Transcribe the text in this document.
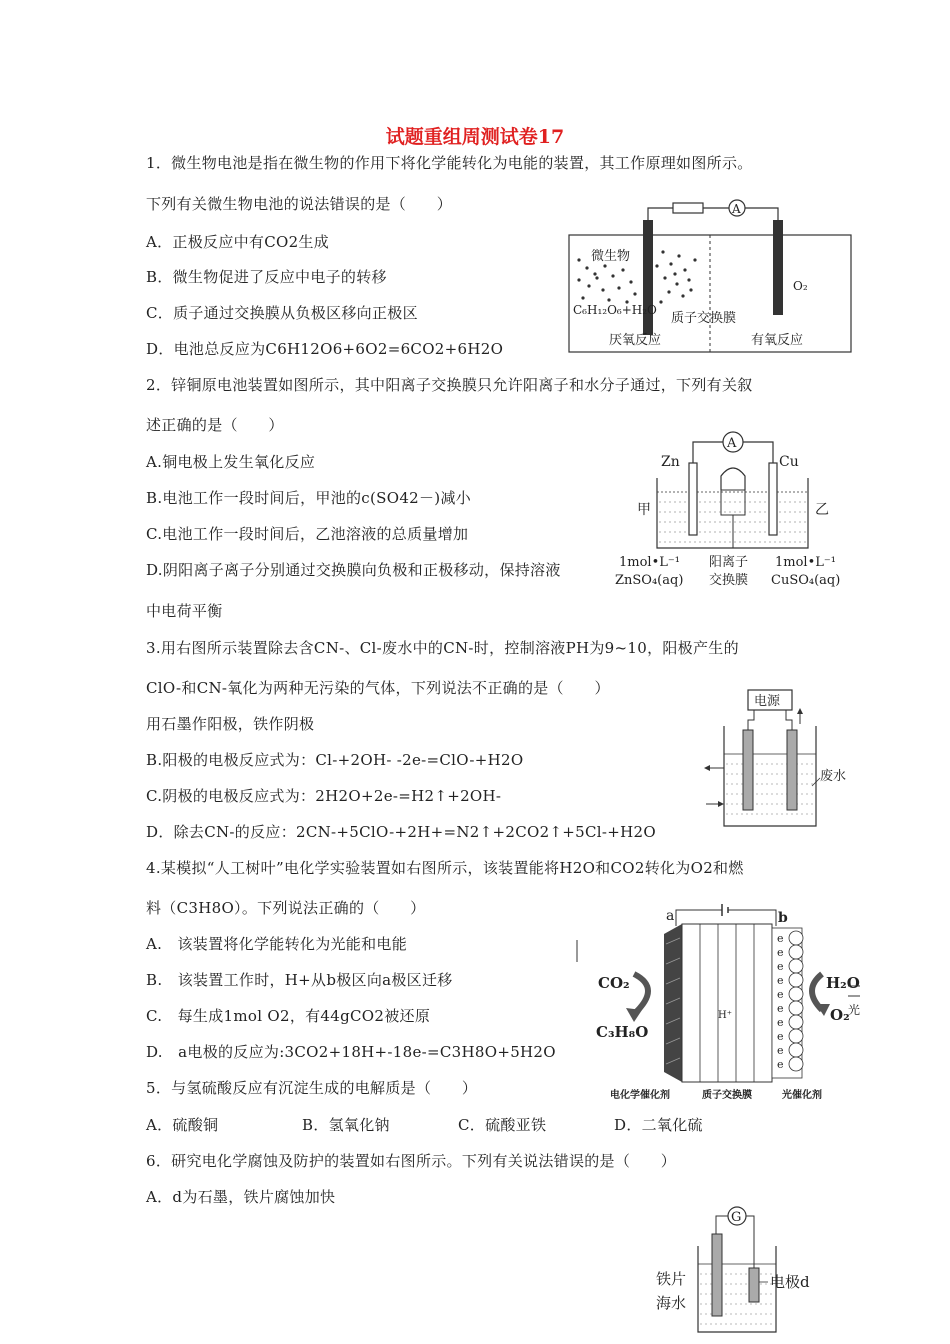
试题重组周测试卷17
1．微生物电池是指在微生物的作用下将化学能转化为电能的装置，其工作原理如图所示。
下列有关微生物电池的说法错误的是（　　）
A．正极反应中有CO2生成
B．微生物促进了反应中电子的转移
C．质子通过交换膜从负极区移向正极区
D．电池总反应为C6H12O6+6O2=6CO2+6H2O
A
微生物
C₆H₁₂O₆+H₂O
O₂
质子交换膜
厌氧反应	有氧反应
2．锌铜原电池装置如图所示，其中阳离子交换膜只允许阳离子和水分子通过，下列有关叙
述正确的是（　　）
A.铜电极上发生氧化反应
B.电池工作一段时间后，甲池的c(SO42－)减小
C.电池工作一段时间后，乙池溶液的总质量增加
D.阴阳离子离子分别通过交换膜向负极和正极移动，保持溶液
中电荷平衡
A
Zn	Cu
甲	乙
1mol•L⁻¹
ZnSO₄(aq)
阳离子
交换膜
1mol•L⁻¹
CuSO₄(aq)
3.用右图所示装置除去含CN-、Cl-废水中的CN-时，控制溶液PH为9~10，阳极产生的
ClO-和CN-氧化为两种无污染的气体，下列说法不正确的是（　　）
用石墨作阳极，铁作阴极
B.阳极的电极反应式为：Cl-+2OH- -2e-=ClO-+H2O
C.阴极的电极反应式为：2H2O+2e-=H2↑+2OH-
D．除去CN-的反应：2CN-+5ClO-+2H+=N2↑+2CO2↑+5Cl-+H2O
电源
废水
4.某模拟“人工树叶”电化学实验装置如右图所示，该装置能将H2O和CO2转化为O2和燃
料（C3H8O）。下列说法正确的（　　）
A.　该装置将化学能转化为光能和电能
B.　该装置工作时，H+从b极区向a极区迁移
C.　每生成1mol O2，有44gCO2被还原
D.　a电极的反应为:3CO2+18H+-18e-=C3H8O+5H2O
a	b
H⁺
e
e
e
e
e
e
e
e
e
e
CO₂
C₃H₈O
H₂O
O₂
光
电化学催化剂	质子交换膜	光催化剂
5．与氢硫酸反应有沉淀生成的电解质是（　　）
A．硫酸铜	B．氢氧化钠	C．硫酸亚铁	D．二氧化硫
6．研究电化学腐蚀及防护的装置如右图所示。下列有关说法错误的是（　　）
A．d为石墨，铁片腐蚀加快
G
电极d
铁片
海水
